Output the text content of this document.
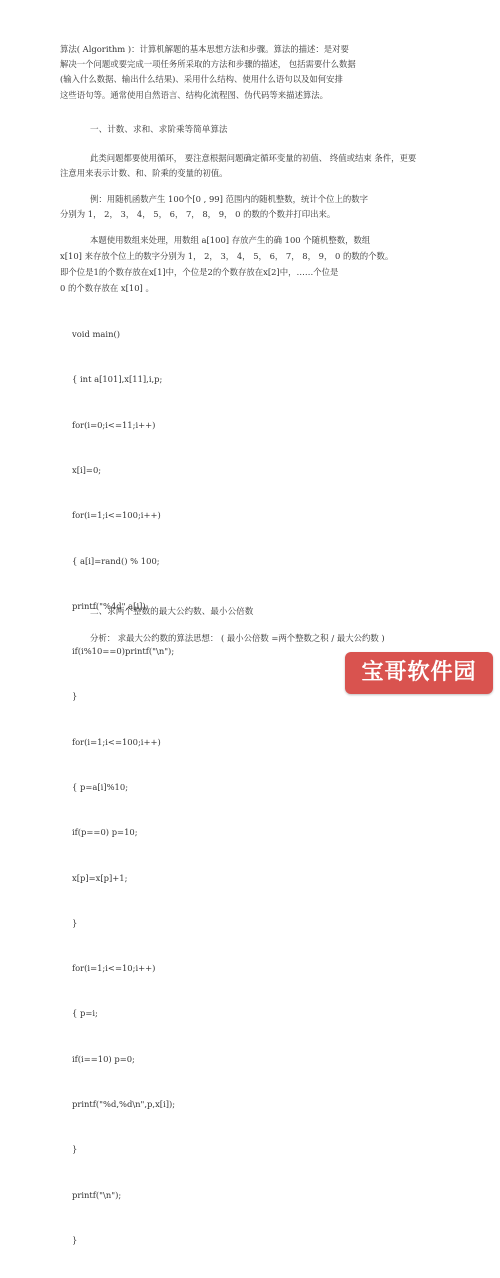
算法( Algorithm )：计算机解题的基本思想方法和步骤。算法的描述：是对要
解决一个问题或要完成一项任务所采取的方法和步骤的描述， 包括需要什么数据
(输入什么数据、输出什么结果)、采用什么结构、使用什么语句以及如何安排
这些语句等。通常使用自然语言、结构化流程图、伪代码等来描述算法。
一、计数、求和、求阶乘等简单算法
此类问题都要使用循环， 要注意根据问题确定循环变量的初值、 终值或结束 条件，更要
注意用来表示计数、和、阶乘的变量的初值。
例：用随机函数产生 100个[0 , 99] 范围内的随机整数，统计个位上的数字
分别为 1， 2， 3， 4， 5， 6， 7， 8， 9， 0 的数的个数并打印出来。
本题使用数组来处理，用数组 a[100] 存放产生的确 100 个随机整数，数组
x[10] 来存放个位上的数字分别为 1， 2， 3， 4， 5， 6， 7， 8， 9， 0 的数的个数。
即个位是1的个数存放在x[1]中，个位是2的个数存放在x[2]中，……个位是
0 的个数存放在 x[10] 。

void main()

{ int a[101],x[11],i,p;

for(i=0;i<=11;i++)

x[i]=0;

for(i=1;i<=100;i++)

{ a[i]=rand() % 100;

printf("%4d",a[i]);

if(i%10==0)printf("\n");

}

for(i=1;i<=100;i++)

{ p=a[i]%10;

if(p==0) p=10;

x[p]=x[p]+1;

}

for(i=1;i<=10;i++)

{ p=i;

if(i==10) p=0;

printf("%d,%d\n",p,x[i]);

}

printf("\n");

}

二、求两个整数的最大公约数、最小公倍数
分析： 求最大公约数的算法思想： ( 最小公倍数 =两个整数之积 / 最大公约数 )
宝哥软件园
